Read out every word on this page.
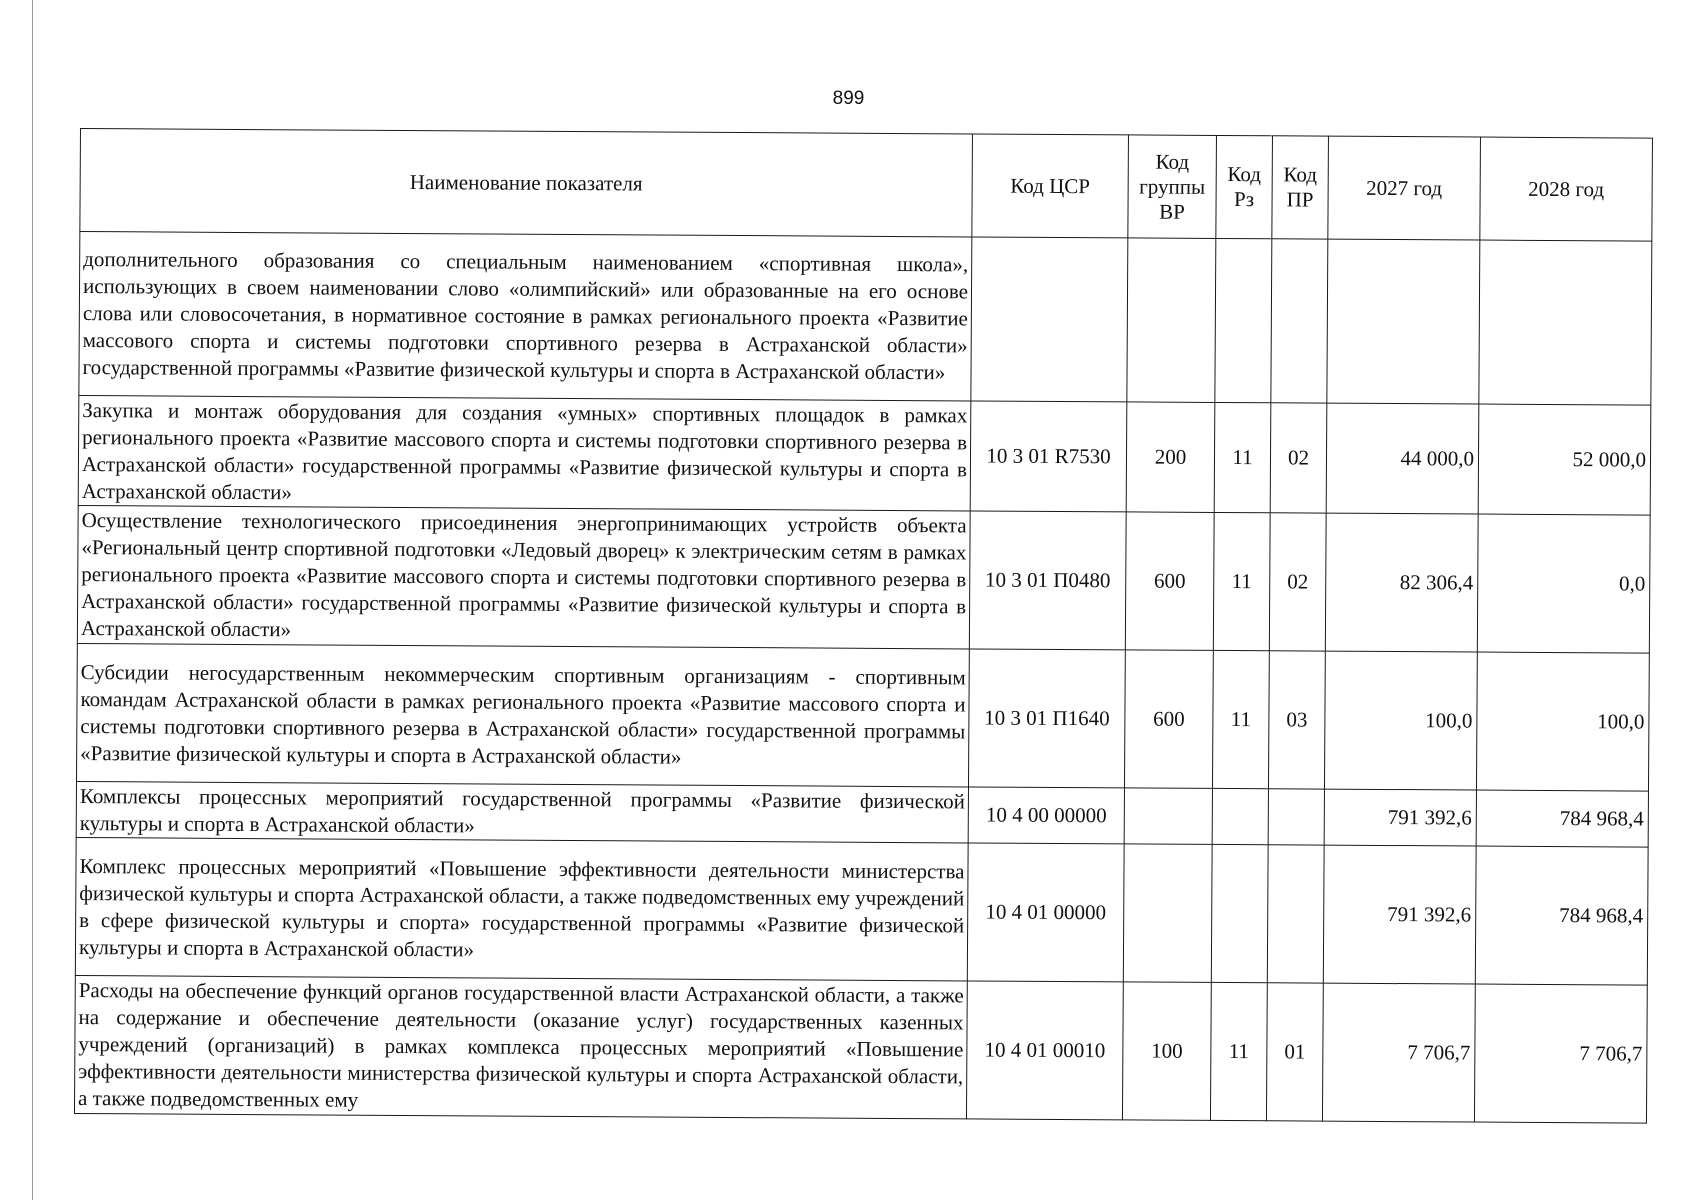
899
Наименование показателя	Код ЦСР	Код группы ВР	Код Рз	Код ПР	2027 год	2028 год
дополнительного образования со специальным наименованием «спортивная школа», использующих в своем наименовании слово «олимпийский» или образованные на его основе слова или словосочетания, в нормативное состояние в рамках регионального проекта «Развитие массового спорта и системы подготовки спортивного резерва в Астраханской области» государственной программы «Развитие физической культуры и спорта в Астраханской области»						
Закупка и монтаж оборудования для создания «умных» спортивных площадок в рамках регионального проекта «Развитие массового спорта и системы подготовки спортивного резерва в Астраханской области» государственной программы «Развитие физической культуры и спорта в Астраханской области»	10 3 01 R7530	200	11	02	44 000,0	52 000,0
Осуществление технологического присоединения энергопринимающих устройств объекта «Региональный центр спортивной подготовки «Ледовый дворец» к электрическим сетям в рамках регионального проекта «Развитие массового спорта и системы подготовки спортивного резерва в Астраханской области» государственной программы «Развитие физической культуры и спорта в Астраханской области»	10 3 01 П0480	600	11	02	82 306,4	0,0
Субсидии негосударственным некоммерческим спортивным организациям - спортивным командам Астраханской области в рамках регионального проекта «Развитие массового спорта и системы подготовки спортивного резерва в Астраханской области» государственной программы «Развитие физической культуры и спорта в Астраханской области»	10 3 01 П1640	600	11	03	100,0	100,0
Комплексы процессных мероприятий государственной программы «Развитие физической культуры и спорта в Астраханской области»	10 4 00 00000				791 392,6	784 968,4
Комплекс процессных мероприятий «Повышение эффективности деятельности министерства физической культуры и спорта Астраханской области, а также подведомственных ему учреждений в сфере физической культуры и спорта» государственной программы «Развитие физической культуры и спорта в Астраханской области»	10 4 01 00000				791 392,6	784 968,4
Расходы на обеспечение функций органов государственной власти Астраханской области, а также на содержание и обеспечение деятельности (оказание услуг) государственных казенных учреждений (организаций) в рамках комплекса процессных мероприятий «Повышение эффективности деятельности министерства физической культуры и спорта Астраханской области, а также подведомственных ему	10 4 01 00010	100	11	01	7 706,7	7 706,7
